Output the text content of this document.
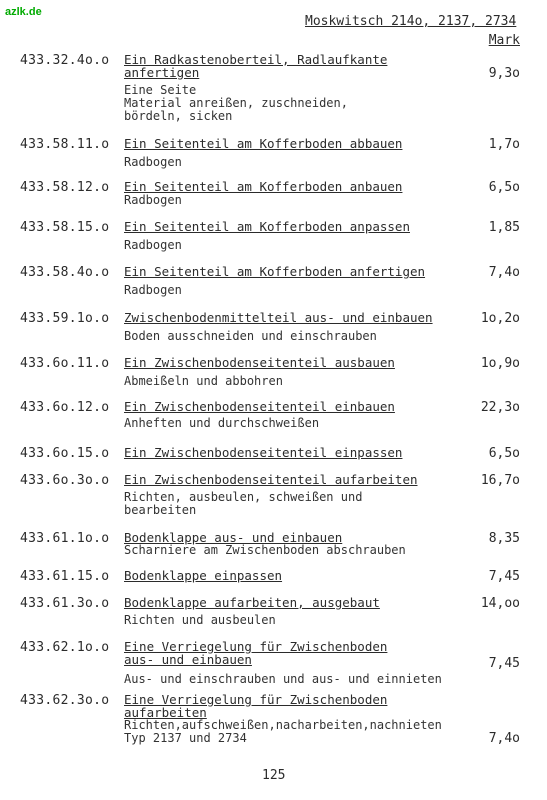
azlk.de
Moskwitsch 214o, 2137, 2734
Mark
433.32.4o.o Ein Radkastenoberteil, Radlaufkante
anfertigen
Eine Seite
Material anreißen, zuschneiden,
bördeln, sicken
9,3o
433.58.11.o Ein Seitenteil am Kofferboden abbauen
Radbogen
1,7o
433.58.12.o Ein Seitenteil am Kofferboden anbauen
Radbogen
6,5o
433.58.15.o Ein Seitenteil am Kofferboden anpassen
Radbogen
1,85
433.58.4o.o Ein Seitenteil am Kofferboden anfertigen
Radbogen
7,4o
433.59.1o.o Zwischenbodenmittelteil aus- und einbauen
Boden ausschneiden und einschrauben
1o,2o
433.6o.11.o Ein Zwischenbodenseitenteil ausbauen
Abmeißeln und abbohren
1o,9o
433.6o.12.o Ein Zwischenbodenseitenteil einbauen
Anheften und durchschweißen
22,3o
433.6o.15.o Ein Zwischenbodenseitenteil einpassen	6,5o
433.6o.3o.o Ein Zwischenbodenseitenteil aufarbeiten
Richten, ausbeulen, schweißen und
bearbeiten
16,7o
433.61.1o.o Bodenklappe aus- und einbauen
Scharniere am Zwischenboden abschrauben
8,35
433.61.15.o Bodenklappe einpassen	7,45
433.61.3o.o Bodenklappe aufarbeiten, ausgebaut
Richten und ausbeulen
14,oo
433.62.1o.o Eine Verriegelung für Zwischenboden
aus- und einbauen
Aus- und einschrauben und aus- und einnieten
7,45
433.62.3o.o Eine Verriegelung für Zwischenboden
aufarbeiten
Richten,aufschweißen,nacharbeiten,nachnieten
Typ 2137 und 2734	7,4o
125
